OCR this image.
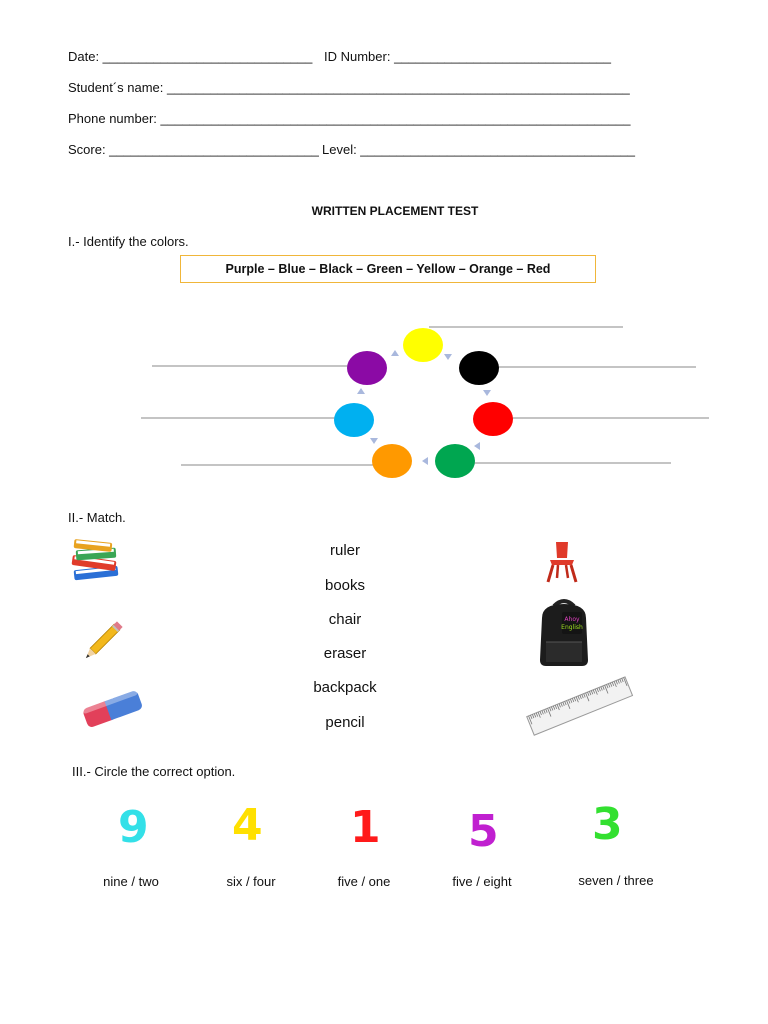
Date: _____________________________ ID Number: ______________________________
Student´s name: ________________________________________________________________
Phone number: _________________________________________________________________
Score: _____________________________ Level: ______________________________________
WRITTEN PLACEMENT TEST
I.- Identify the colors.
Purple – Blue – Black – Green – Yellow – Orange – Red
II.- Match.
ruler
books
chair
eraser
backpack
pencil
Ahoy
English
III.- Circle the correct option.
9 4 1 5 3
nine / two	six / four	five / one	five / eight	seven / three
